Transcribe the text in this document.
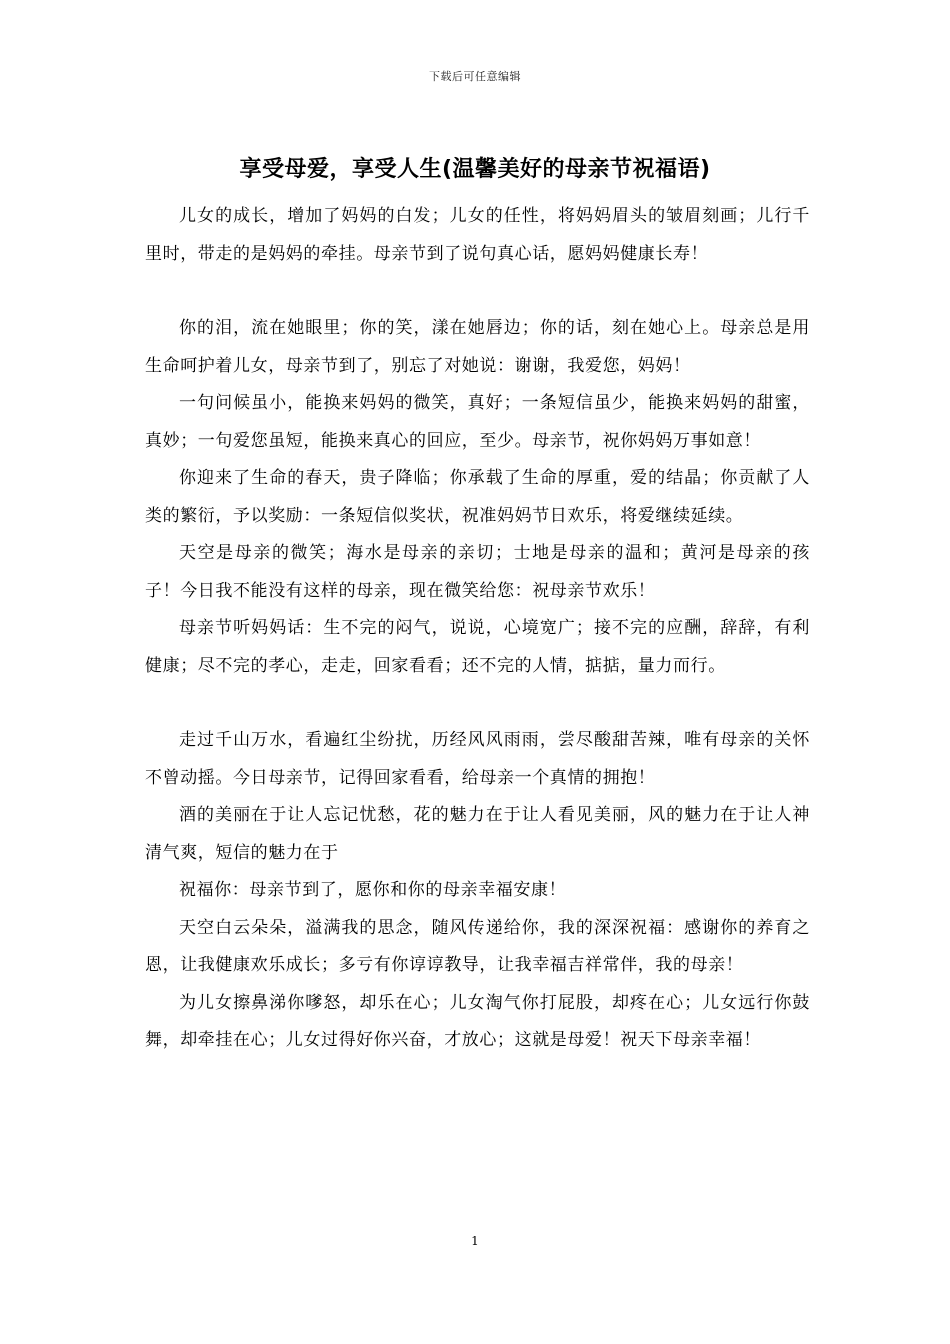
下载后可任意编辑
享受母爱，享受人生(温馨美好的母亲节祝福语)

儿女的成长，增加了妈妈的白发；儿女的任性，将妈妈眉头的皱眉刻画；儿行千里时，带走的是妈妈的牵挂。母亲节到了说句真心话，愿妈妈健康长寿！

你的泪，流在她眼里；你的笑，漾在她唇边；你的话，刻在她心上。母亲总是用生命呵护着儿女，母亲节到了，别忘了对她说：谢谢，我爱您，妈妈！

一句问候虽小，能换来妈妈的微笑，真好；一条短信虽少，能换来妈妈的甜蜜，真妙；一句爱您虽短，能换来真心的回应，至少。母亲节，祝你妈妈万事如意！

你迎来了生命的春天，贵子降临；你承载了生命的厚重，爱的结晶；你贡献了人类的繁衍，予以奖励：一条短信似奖状，祝准妈妈节日欢乐，将爱继续延续。

天空是母亲的微笑；海水是母亲的亲切；士地是母亲的温和；黄河是母亲的孩子！今日我不能没有这样的母亲，现在微笑给您：祝母亲节欢乐！

母亲节听妈妈话：生不完的闷气，说说，心境宽广；接不完的应酬，辞辞，有利健康；尽不完的孝心，走走，回家看看；还不完的人情，掂掂，量力而行。

走过千山万水，看遍红尘纷扰，历经风风雨雨，尝尽酸甜苦辣，唯有母亲的关怀不曾动摇。今日母亲节，记得回家看看，给母亲一个真情的拥抱！

酒的美丽在于让人忘记忧愁，花的魅力在于让人看见美丽，风的魅力在于让人神清气爽，短信的魅力在于

祝福你：母亲节到了，愿你和你的母亲幸福安康！

天空白云朵朵，溢满我的思念，随风传递给你，我的深深祝福：感谢你的养育之恩，让我健康欢乐成长；多亏有你谆谆教导，让我幸福吉祥常伴，我的母亲！

为儿女擦鼻涕你嗲怒，却乐在心；儿女淘气你打屁股，却疼在心；儿女远行你鼓舞，却牵挂在心；儿女过得好你兴奋，才放心；这就是母爱！祝天下母亲幸福！

1
